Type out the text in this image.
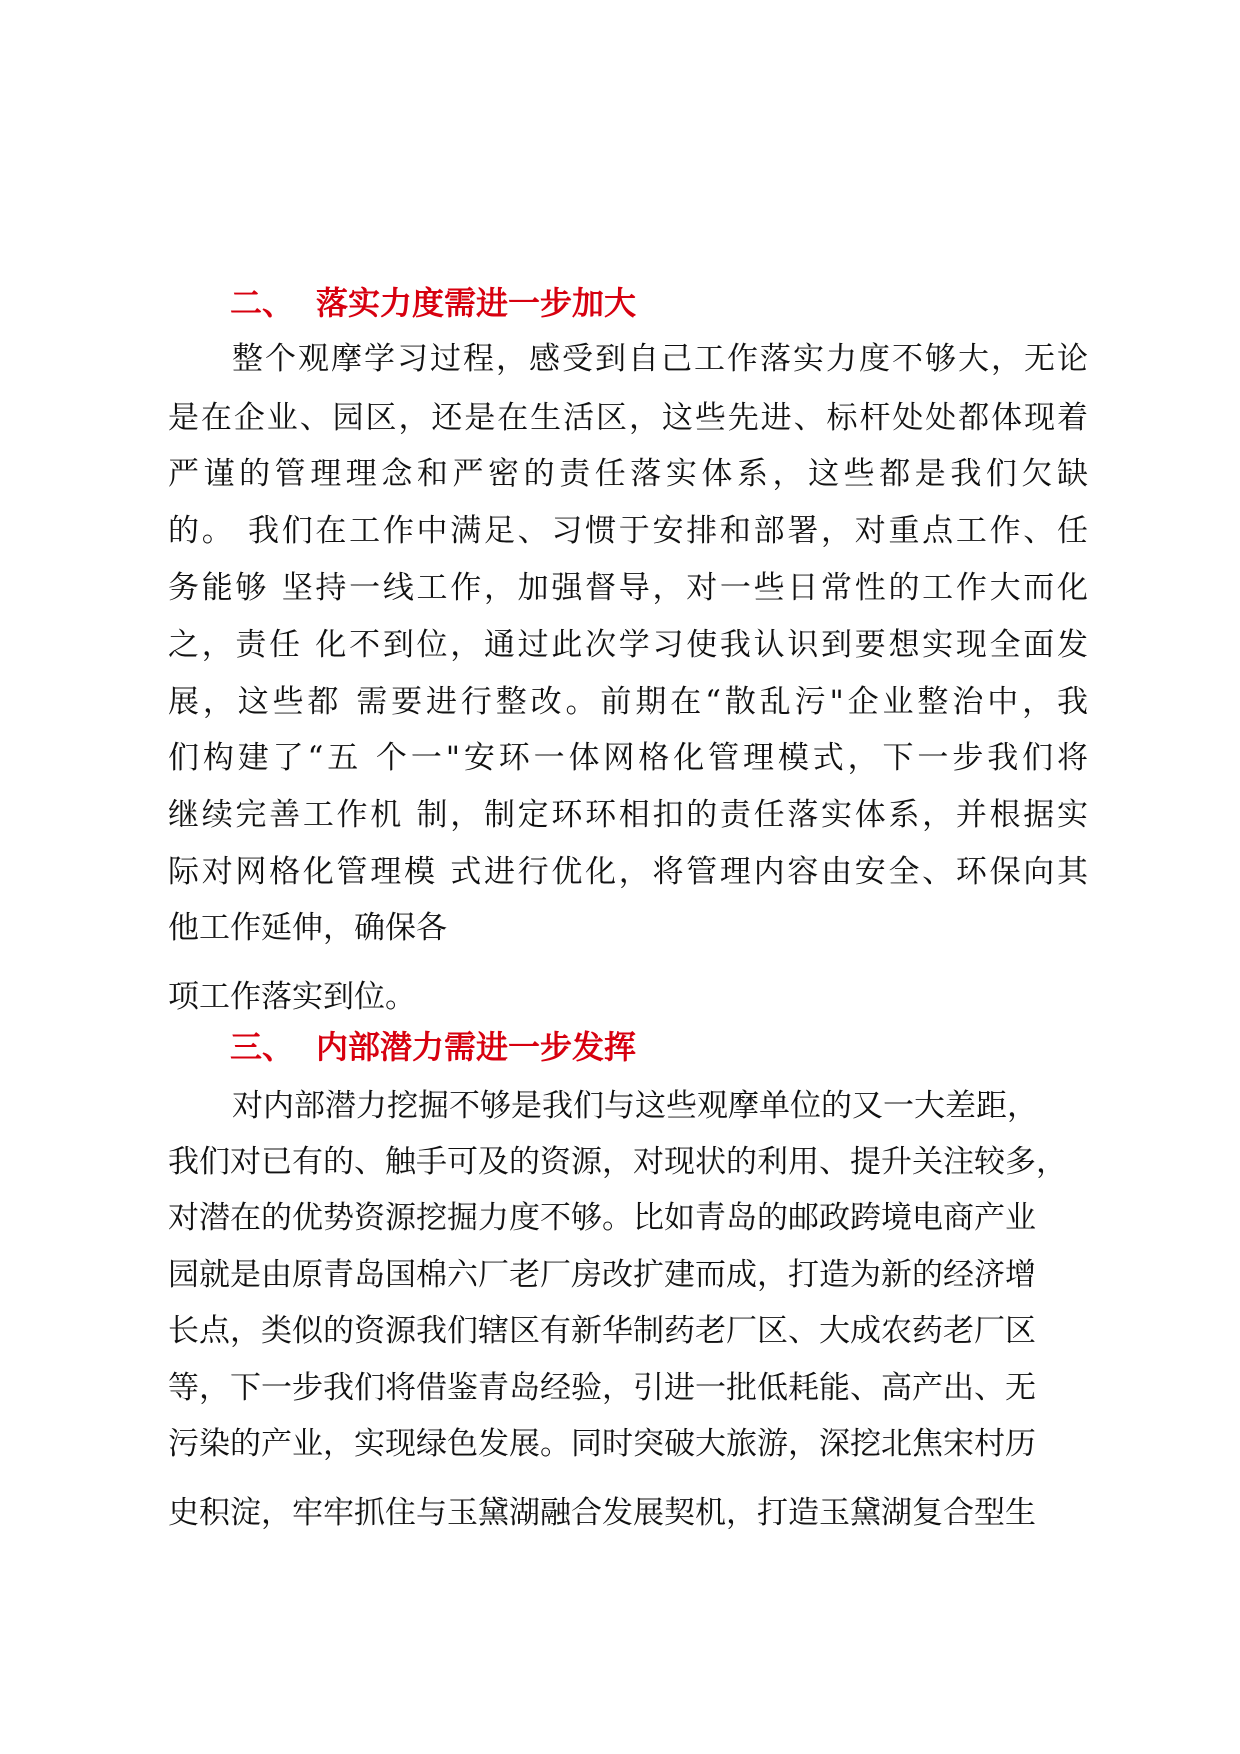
二、 落实力度需进一步加大
整个观摩学习过程，感受到自己工作落实力度不够大，无论
是在企业、园区，还是在生活区，这些先进、标杆处处都体现着
严谨的管理理念和严密的责任落实体系，这些都是我们欠缺
的。 我们在工作中满足、习惯于安排和部署，对重点工作、任
务能够 坚持一线工作，加强督导，对一些日常性的工作大而化
之，责任 化不到位，通过此次学习使我认识到要想实现全面发
展，这些都 需要进行整改。前期在“散乱污"企业整治中，我
们构建了“五 个一"安环一体网格化管理模式，下一步我们将
继续完善工作机 制，制定环环相扣的责任落实体系，并根据实
际对网格化管理模 式进行优化，将管理内容由安全、环保向其
他工作延伸，确保各
项工作落实到位。
三、 内部潜力需进一步发挥
对内部潜力挖掘不够是我们与这些观摩单位的又一大差距，
我们对已有的、触手可及的资源，对现状的利用、提升关注较多，
对潜在的优势资源挖掘力度不够。比如青岛的邮政跨境电商产业
园就是由原青岛国棉六厂老厂房改扩建而成，打造为新的经济增
长点，类似的资源我们辖区有新华制药老厂区、大成农药老厂区
等，下一步我们将借鉴青岛经验，引进一批低耗能、高产出、无
污染的产业，实现绿色发展。同时突破大旅游，深挖北焦宋村历
史积淀，牢牢抓住与玉黛湖融合发展契机，打造玉黛湖复合型生
